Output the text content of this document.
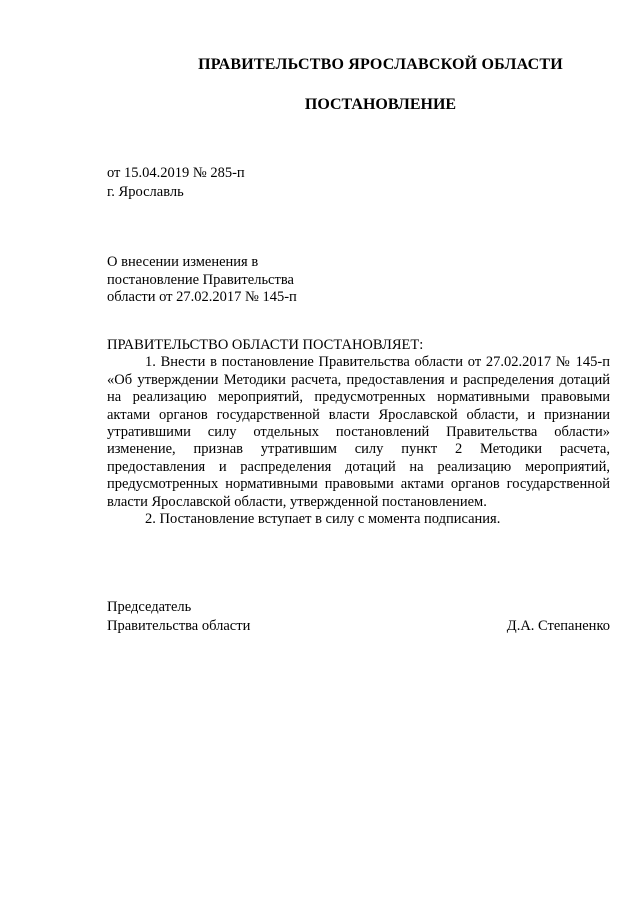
ПРАВИТЕЛЬСТВО ЯРОСЛАВСКОЙ ОБЛАСТИ
ПОСТАНОВЛЕНИЕ
от 15.04.2019 № 285-п
г. Ярославль
О внесении изменения в
постановление Правительства
области от 27.02.2017 № 145-п
ПРАВИТЕЛЬСТВО ОБЛАСТИ ПОСТАНОВЛЯЕТ:

1. Внести в постановление Правительства области от 27.02.2017 № 145-п «Об утверждении Методики расчета, предоставления и распределения дотаций на реализацию мероприятий, предусмотренных нормативными правовыми актами органов государственной власти Ярославской области, и признании утратившими силу отдельных постановлений Правительства области» изменение, признав утратившим силу пункт 2 Методики расчета, предоставления и распределения дотаций на реализацию мероприятий, предусмотренных нормативными правовыми актами органов государственной власти Ярославской области, утвержденной постановлением.

2. Постановление вступает в силу с момента подписания.

Председатель
Правительства области	Д.А. Степаненко
